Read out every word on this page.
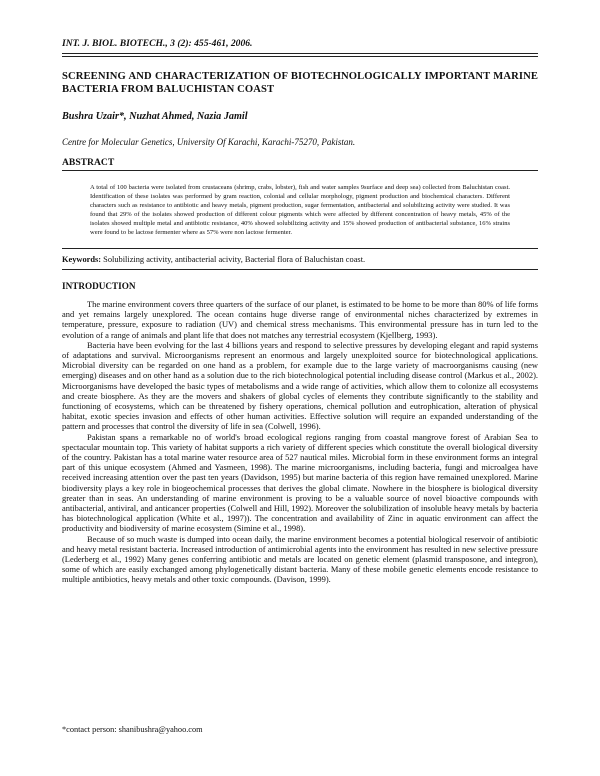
INT. J. BIOL. BIOTECH., 3 (2): 455-461, 2006.
SCREENING AND CHARACTERIZATION OF BIOTECHNOLOGICALLY IMPORTANT MARINE BACTERIA FROM BALUCHISTAN COAST
Bushra Uzair*, Nuzhat Ahmed, Nazia Jamil
Centre for Molecular Genetics, University Of Karachi, Karachi-75270, Pakistan.
ABSTRACT
A total of 100 bacteria were isolated from crustaceans (shrimp, crabs, lobster), fish and water samples 9surface and deep sea) collected from Baluchistan coast. Identification of these isolates was performed by gram reaction, colonial and cellular morphology, pigment production and biochemical characters. Different characters such as resistance to antibiotic and heavy metals, pigment production, sugar fermentation, antibacterial and solubilizing activity were studied. It was found that 29% of the isolates showed production of different colour pigments which were affected by different concentration of heavy metals, 45% of the isolates showed multiple metal and antibiotic resistance, 40% showed solubilizing activity and 15% showed production of antibacterial substance, 16% strains were found to be lactose fermenter where as 57% were non lactose fermenter.
Keywords: Solubilizing activity, antibacterial acivity, Bacterial flora of Baluchistan coast.
INTRODUCTION

The marine environment covers three quarters of the surface of our planet, is estimated to be home to be more than 80% of life forms and yet remains largely unexplored. The ocean contains huge diverse range of environmental niches characterized by extremes in temperature, pressure, exposure to radiation (UV) and chemical stress mechanisms. This environmental pressure has in turn led to the evolution of a range of animals and plant life that does not matches any terrestrial ecosystem (Kjellberg, 1993).

Bacteria have been evolving for the last 4 billions years and respond to selective pressures by developing elegant and rapid systems of adaptations and survival. Microorganisms represent an enormous and largely unexploited source for biotechnological applications. Microbial diversity can be regarded on one hand as a problem, for example due to the large variety of macroorganisms causing (new emerging) diseases and on other hand as a solution due to the rich biotechnological potential including disease control (Markus et al., 2002). Microorganisms have developed the basic types of metabolisms and a wide range of activities, which allow them to colonize all ecosystems and create biosphere. As they are the movers and shakers of global cycles of elements they contribute significantly to the stability and functioning of ecosystems, which can be threatened by fishery operations, chemical pollution and eutrophication, alteration of physical habitat, exotic species invasion and effects of other human activities. Effective solution will require an expanded understanding of the pattern and processes that control the diversity of life in sea (Colwell, 1996).

Pakistan spans a remarkable no of world's broad ecological regions ranging from coastal mangrove forest of Arabian Sea to spectacular mountain top. This variety of habitat supports a rich variety of different species which constitute the overall biological diversity of the country. Pakistan has a total marine water resource area of 527 nautical miles. Microbial form in these environment forms an integral part of this unique ecosystem (Ahmed and Yasmeen, 1998). The marine microorganisms, including bacteria, fungi and microalgea have received increasing attention over the past ten years (Davidson, 1995) but marine bacteria of this region have remained unexplored. Marine biodiversity plays a key role in biogeochemical processes that derives the global climate. Nowhere in the biosphere is biological diversity greater than in seas. An understanding of marine environment is proving to be a valuable source of novel bioactive compounds with antibacterial, antiviral, and anticancer properties (Colwell and Hill, 1992). Moreover the solubilization of insoluble heavy metals by bacteria has biotechnological application (White et al., 1997)). The concentration and availability of Zinc in aquatic environment can affect the productivity and biodiversity of marine ecosystem (Simine et al., 1998).

Because of so much waste is dumped into ocean daily, the marine environment becomes a potential biological reservoir of antibiotic and heavy metal resistant bacteria. Increased introduction of antimicrobial agents into the environment has resulted in new selective pressure (Lederberg et al., 1992) Many genes conferring antibiotic and metals are located on genetic element (plasmid transposone, and integron), some of which are easily exchanged among phylogenetically distant bacteria. Many of these mobile genetic elements encode resistance to multiple antibiotics, heavy metals and other toxic compounds. (Davison, 1999).

*contact person: shanibushra@yahoo.com
